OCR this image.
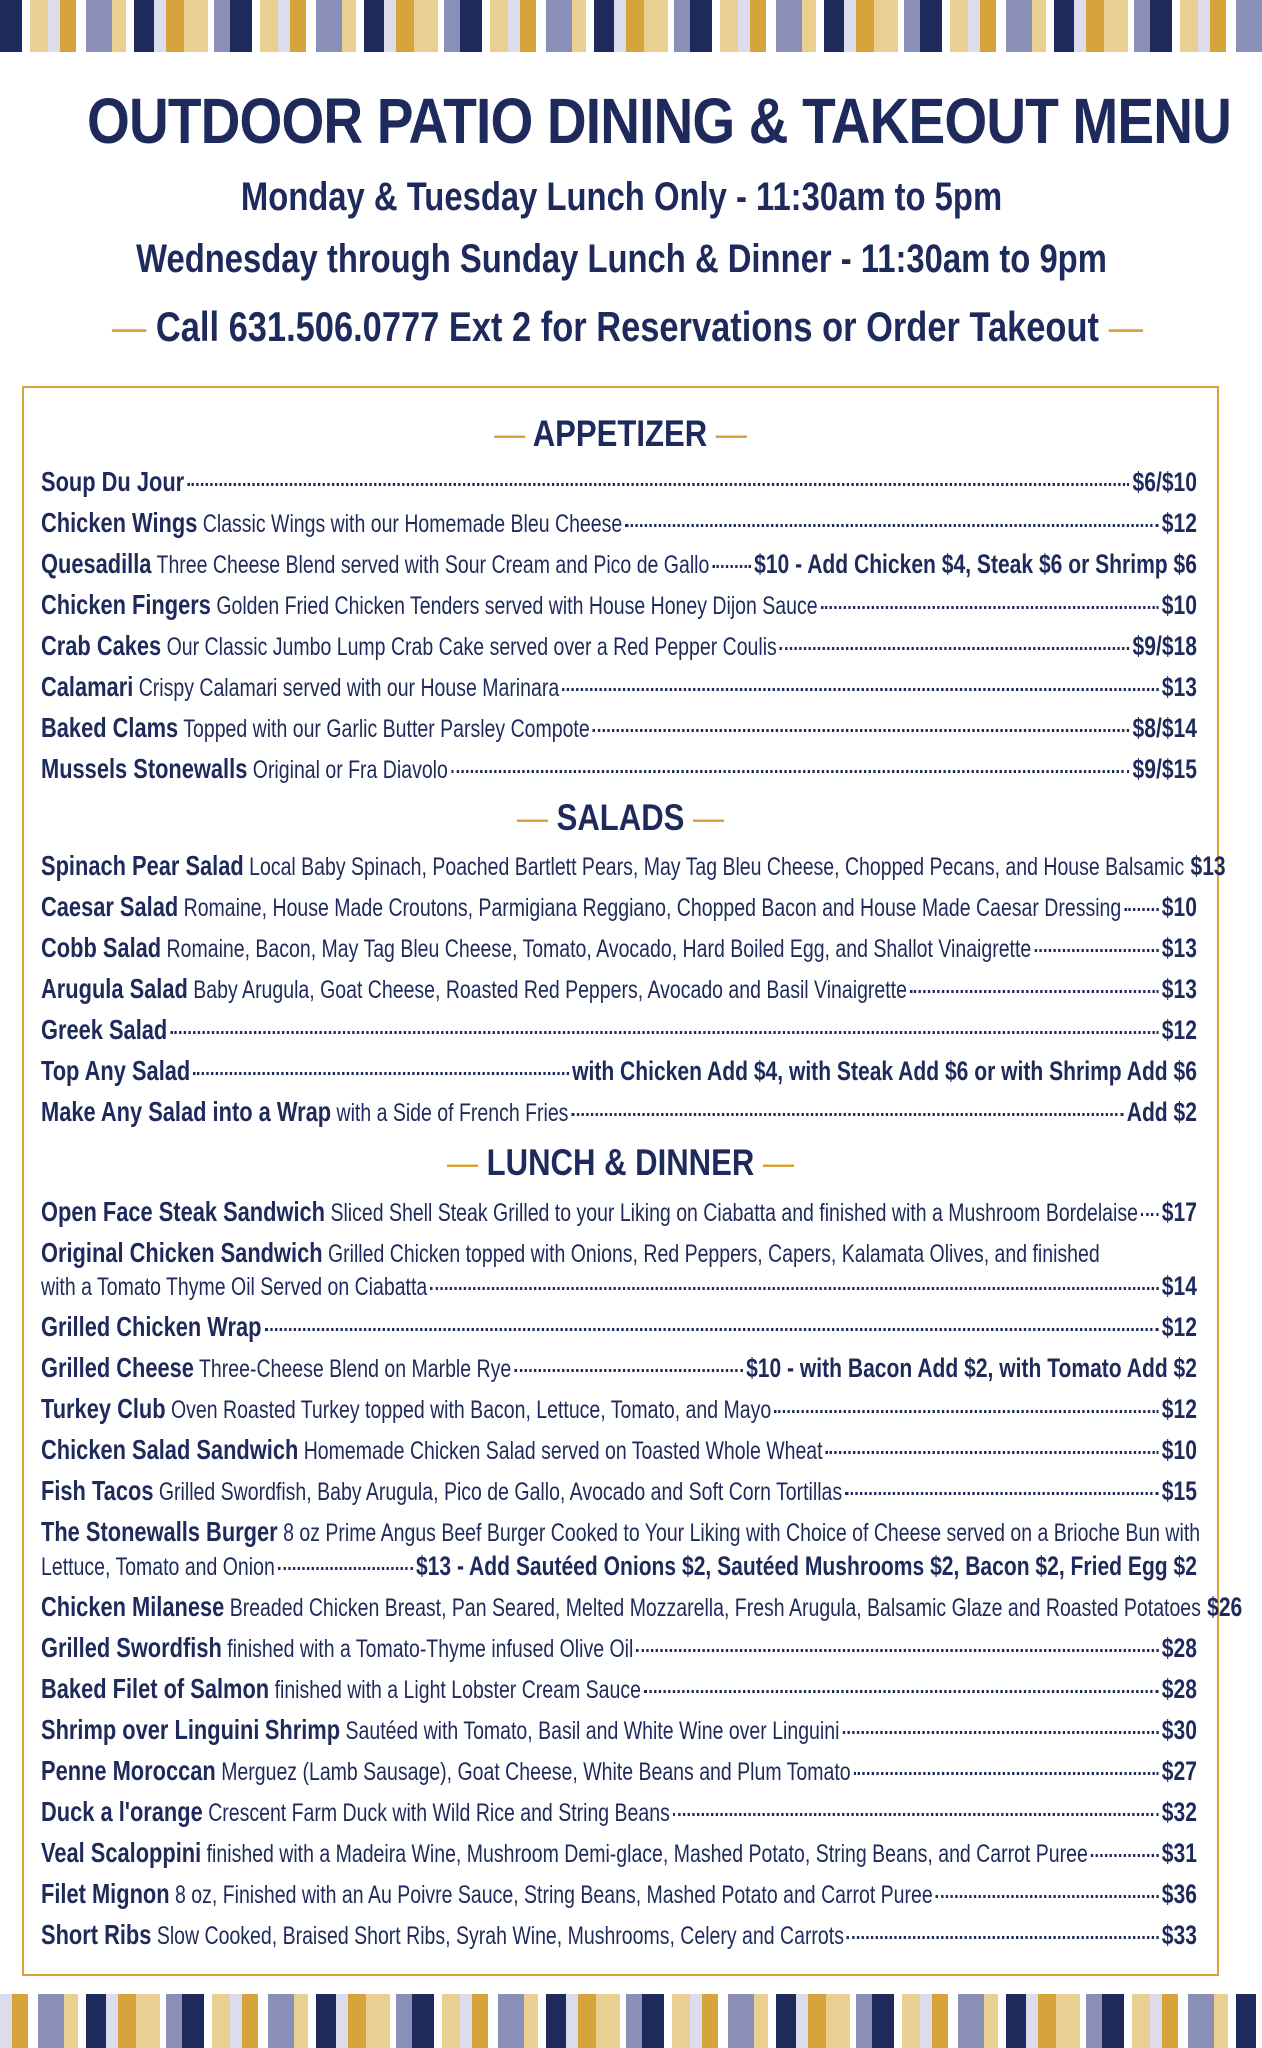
OUTDOOR PATIO DINING & TAKEOUT MENU

Monday & Tuesday Lunch Only - 11:30am to 5pm

Wednesday through Sunday Lunch & Dinner - 11:30am to 9pm

— Call 631.506.0777 Ext 2 for Reservations or Order Takeout —

— APPETIZER —
Soup Du Jour	$6/$10
Chicken Wings Classic Wings with our Homemade Bleu Cheese	$12
Quesadilla Three Cheese Blend served with Sour Cream and Pico de Gallo $10 - Add Chicken $4, Steak $6 or Shrimp $6
Chicken Fingers Golden Fried Chicken Tenders served with House Honey Dijon Sauce	$10
Crab Cakes Our Classic Jumbo Lump Crab Cake served over a Red Pepper Coulis	$9/$18
Calamari Crispy Calamari served with our House Marinara	$13
Baked Clams Topped with our Garlic Butter Parsley Compote	$8/$14
Mussels Stonewalls Original or Fra Diavolo	$9/$15
— SALADS —
Spinach Pear Salad Local Baby Spinach, Poached Bartlett Pears, May Tag Bleu Cheese, Chopped Pecans, and House Balsamic $13
Caesar Salad Romaine, House Made Croutons, Parmigiana Reggiano, Chopped Bacon and House Made Caesar Dressing $10
Cobb Salad Romaine, Bacon, May Tag Bleu Cheese, Tomato, Avocado, Hard Boiled Egg, and Shallot Vinaigrette	$13
Arugula Salad Baby Arugula, Goat Cheese, Roasted Red Peppers, Avocado and Basil Vinaigrette	$13
Greek Salad	$12
Top Any Salad	with Chicken Add $4, with Steak Add $6 or with Shrimp Add $6
Make Any Salad into a Wrap with a Side of French Fries	Add $2
— LUNCH & DINNER —
Open Face Steak Sandwich Sliced Shell Steak Grilled to your Liking on Ciabatta and finished with a Mushroom Bordelaise $17
Original Chicken Sandwich Grilled Chicken topped with Onions, Red Peppers, Capers, Kalamata Olives, and finished
with a Tomato Thyme Oil Served on Ciabatta	$14
Grilled Chicken Wrap	$12
Grilled Cheese Three-Cheese Blend on Marble Rye	$10 - with Bacon Add $2, with Tomato Add $2
Turkey Club Oven Roasted Turkey topped with Bacon, Lettuce, Tomato, and Mayo	$12
Chicken Salad Sandwich Homemade Chicken Salad served on Toasted Whole Wheat	$10
Fish Tacos Grilled Swordfish, Baby Arugula, Pico de Gallo, Avocado and Soft Corn Tortillas	$15
The Stonewalls Burger 8 oz Prime Angus Beef Burger Cooked to Your Liking with Choice of Cheese served on a Brioche Bun with
Lettuce, Tomato and Onion	$13 - Add Sautéed Onions $2, Sautéed Mushrooms $2, Bacon $2, Fried Egg $2
Chicken Milanese Breaded Chicken Breast, Pan Seared, Melted Mozzarella, Fresh Arugula, Balsamic Glaze and Roasted Potatoes $26
Grilled Swordfish finished with a Tomato-Thyme infused Olive Oil	$28
Baked Filet of Salmon finished with a Light Lobster Cream Sauce	$28
Shrimp over Linguini Shrimp Sautéed with Tomato, Basil and White Wine over Linguini	$30
Penne Moroccan Merguez (Lamb Sausage), Goat Cheese, White Beans and Plum Tomato	$27
Duck a l'orange Crescent Farm Duck with Wild Rice and String Beans	$32
Veal Scaloppini finished with a Madeira Wine, Mushroom Demi-glace, Mashed Potato, String Beans, and Carrot Puree	$31
Filet Mignon 8 oz, Finished with an Au Poivre Sauce, String Beans, Mashed Potato and Carrot Puree	$36
Short Ribs Slow Cooked, Braised Short Ribs, Syrah Wine, Mushrooms, Celery and Carrots	$33
